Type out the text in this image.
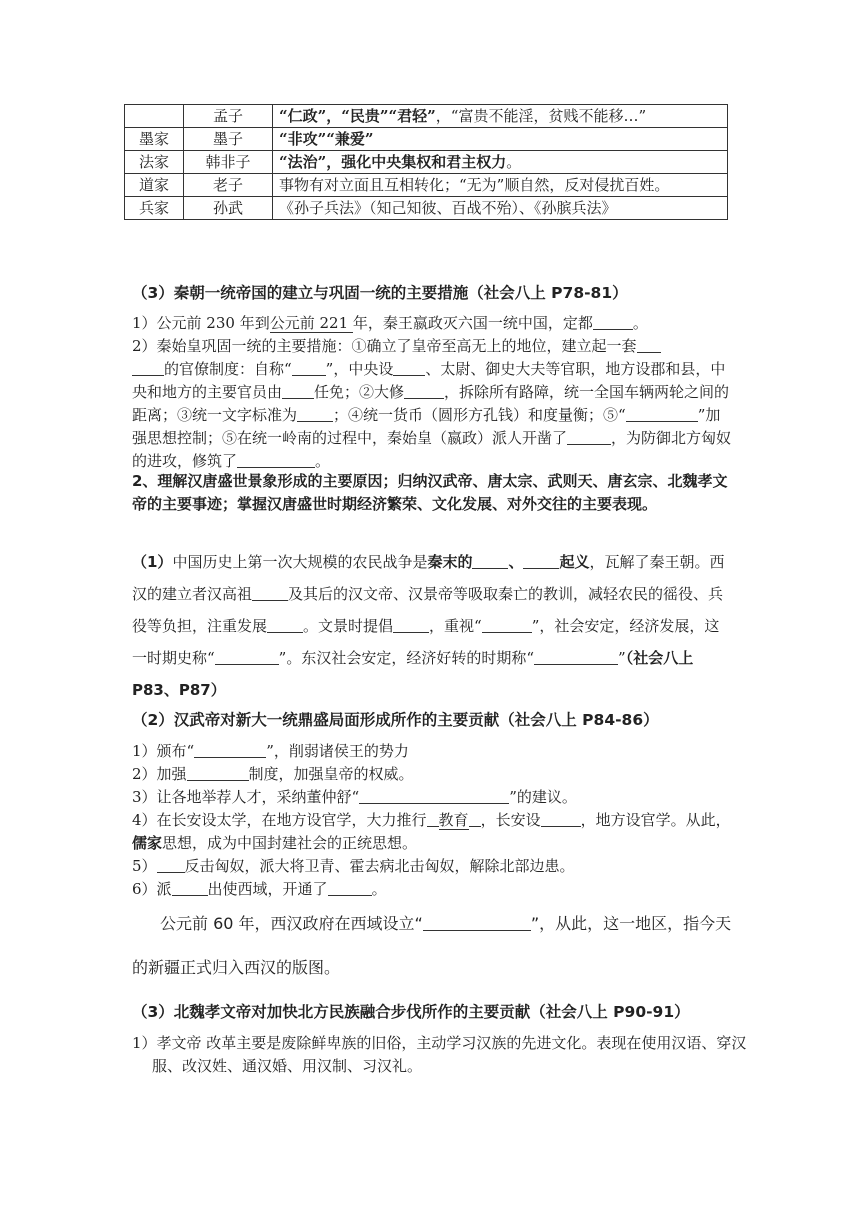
	孟子	“仁政”，“民贵”“君轻”，“富贵不能淫，贫贱不能移…”
墨家	墨子	“非攻”“兼爱”
法家	韩非子	“法治”，强化中央集权和君主权力。
道家	老子	事物有对立面且互相转化；“无为”顺自然，反对侵扰百姓。
兵家	孙武	《孙子兵法》（知己知彼、百战不殆）、《孙膑兵法》
（3）秦朝一统帝国的建立与巩固一统的主要措施（社会八上 P78-81）
1）公元前 230 年到公元前 221 年，秦王嬴政灭六国一统中国，定都	。
2）秦始皇巩固一统的主要措施：①确立了皇帝至高无上的地位，建立起一套
的官僚制度：自称“ ”，中央设 、太尉、御史大夫等官职，地方设郡和县，中央和地方的主要官员由 任免；②大修	，拆除所有路障，统一全国车辆两轮之间的距离；③统一文字标准为 ；④统一货币（圆形方孔钱）和度量衡；⑤“	”加强思想控制；⑤在统一岭南的过程中，秦始皇（嬴政）派人开凿了	，为防御北方匈奴的进攻，修筑了	。
2、理解汉唐盛世景象形成的主要原因；归纳汉武帝、唐太宗、武则天、唐玄宗、北魏孝文帝的主要事迹；掌握汉唐盛世时期经济繁荣、文化发展、对外交往的主要表现。
（1）中国历史上第一次大规模的农民战争是秦末的 、 起义，瓦解了秦王朝。西汉的建立者汉高祖 及其后的汉文帝、汉景帝等吸取秦亡的教训，减轻农民的徭役、兵役等负担，注重发展 。文景时提倡 ，重视“	”，社会安定，经济发展，这一时期史称“	”。东汉社会安定，经济好转的时期称“	”（社会八上 P83、P87）
（2）汉武帝对新大一统鼎盛局面形成所作的主要贡献（社会八上 P84-86）
1）颁布“	”，削弱诸侯王的势力
2）加强	制度，加强皇帝的权威。
3）让各地举荐人才，采纳董仲舒“	”的建议。
4）在长安设太学，在地方设官学，大力推行 教育 ，长安设	，地方设官学。从此，儒家思想，成为中国封建社会的正统思想。
5） 反击匈奴，派大将卫青、霍去病北击匈奴，解除北部边患。
6）派 出使西域，开通了	。
公元前 60 年，西汉政府在西域设立“	”，从此，这一地区，指今天的新疆正式归入西汉的版图。
（3）北魏孝文帝对加快北方民族融合步伐所作的主要贡献（社会八上 P90-91）
1）孝文帝 改革主要是废除鲜卑族的旧俗，主动学习汉族的先进文化。表现在使用汉语、穿汉服、改汉姓、通汉婚、用汉制、习汉礼。
